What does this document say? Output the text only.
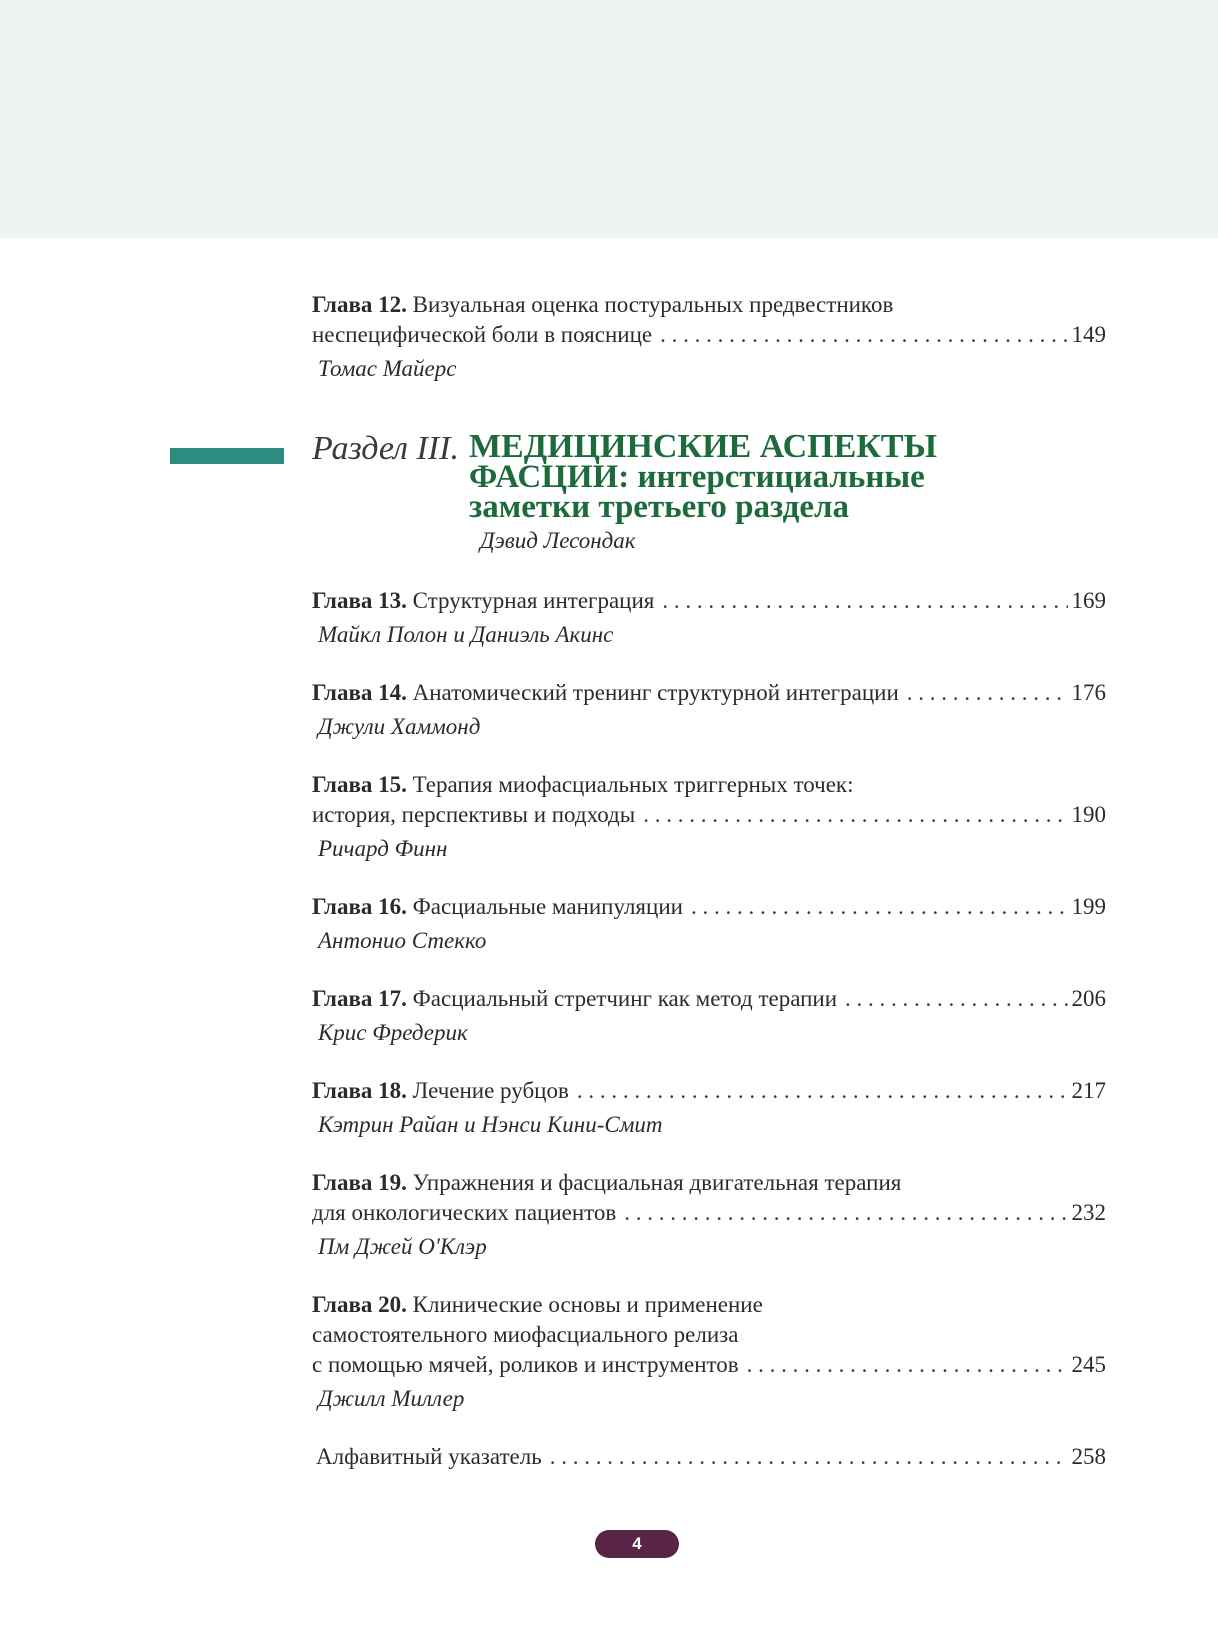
Глава 12. Визуальная оценка постуральных предвестников
неспецифической боли в пояснице . . .	149
Томас Майерс
Раздел III. МЕДИЦИНСКИЕ АСПЕКТЫ
ФАСЦИИ: интерстициальные
заметки третьего раздела
Дэвид Лесондак
Глава 13. Структурная интеграция . . .	169
Майкл Полон и Даниэль Акинс
Глава 14. Анатомический тренинг структурной интеграции . . .	176
Джули Хаммонд
Глава 15. Терапия миофасциальных триггерных точек:
история, перспективы и подходы . . .	190
Ричард Финн
Глава 16. Фасциальные манипуляции . . .	199
Антонио Стекко
Глава 17. Фасциальный стретчинг как метод терапии . . .	206
Крис Фредерик
Глава 18. Лечение рубцов . . .	217
Кэтрин Райан и Нэнси Кини-Смит
Глава 19. Упражнения и фасциальная двигательная терапия
для онкологических пациентов . . .	232
Пм Джей О'Клэр
Глава 20. Клинические основы и применение
самостоятельного миофасциального релиза
с помощью мячей, роликов и инструментов . . .	245
Джилл Миллер
Алфавитный указатель . . .	258
4
